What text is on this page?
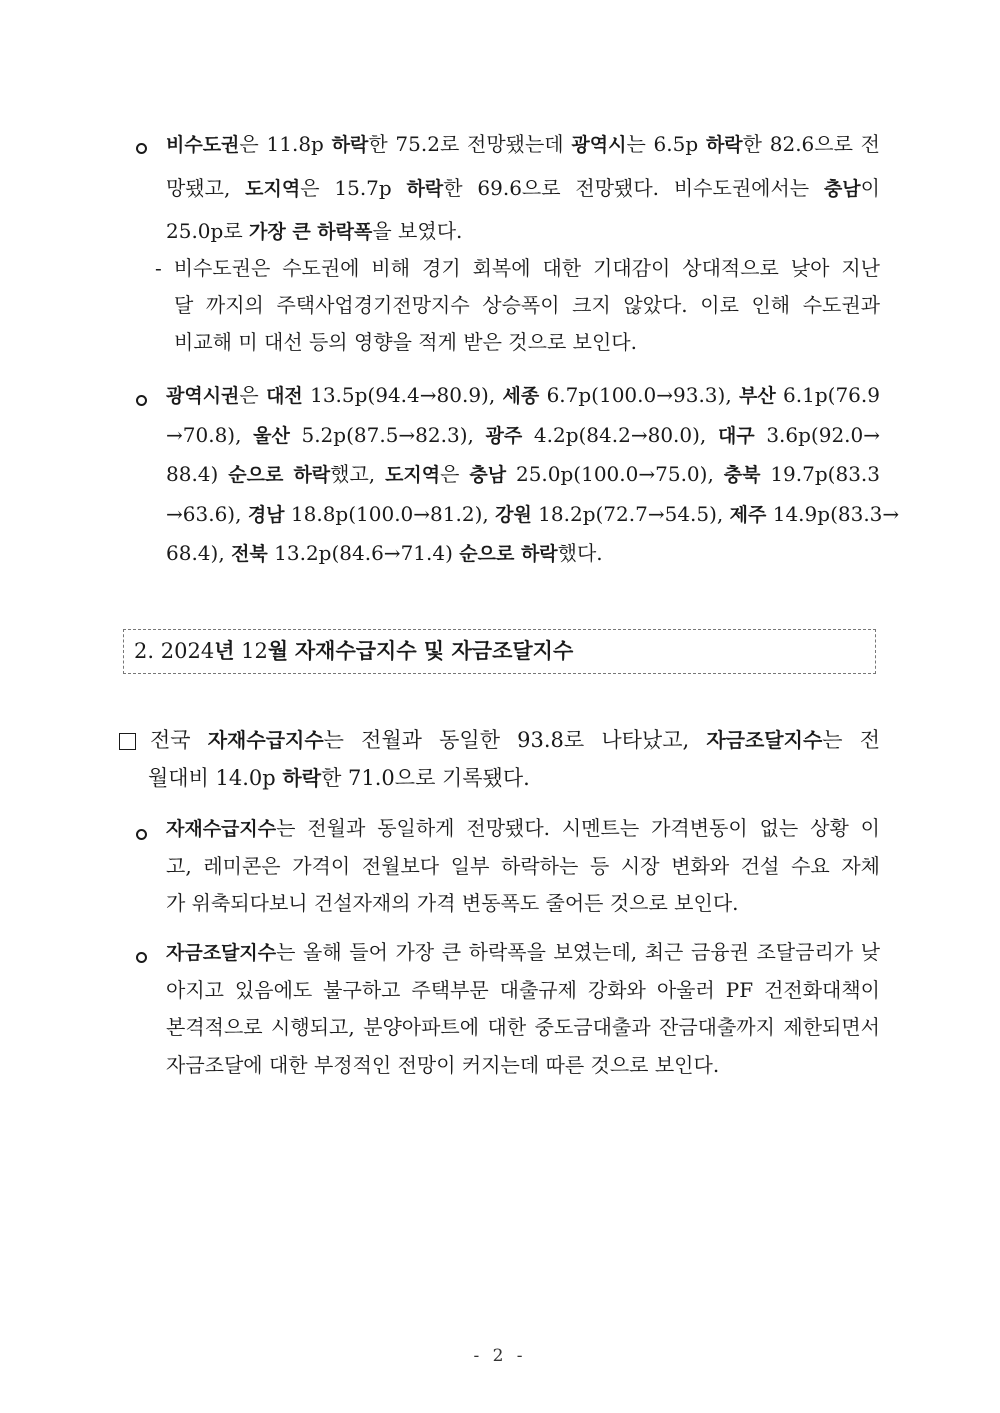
비수도권은 11.8p 하락한 75.2로 전망됐는데 광역시는 6.5p 하락한 82.6으로 전
망됐고, 도지역은 15.7p 하락한 69.6으로 전망됐다. 비수도권에서는 충남이
25.0p로 가장 큰 하락폭을 보였다.
- 비수도권은 수도권에 비해 경기 회복에 대한 기대감이 상대적으로 낮아 지난
달 까지의 주택사업경기전망지수 상승폭이 크지 않았다. 이로 인해 수도권과
비교해 미 대선 등의 영향을 적게 받은 것으로 보인다.
광역시권은 대전 13.5p(94.4→80.9), 세종 6.7p(100.0→93.3), 부산 6.1p(76.9
→70.8), 울산 5.2p(87.5→82.3), 광주 4.2p(84.2→80.0), 대구 3.6p(92.0→
88.4) 순으로 하락했고, 도지역은 충남 25.0p(100.0→75.0), 충북 19.7p(83.3
→63.6), 경남 18.8p(100.0→81.2), 강원 18.2p(72.7→54.5), 제주 14.9p(83.3→
68.4), 전북 13.2p(84.6→71.4) 순으로 하락했다.
2. 2024년 12월 자재수급지수 및 자금조달지수
전국 자재수급지수는 전월과 동일한 93.8로 나타났고, 자금조달지수는 전
월대비 14.0p 하락한 71.0으로 기록됐다.
자재수급지수는 전월과 동일하게 전망됐다. 시멘트는 가격변동이 없는 상황 이
고, 레미콘은 가격이 전월보다 일부 하락하는 등 시장 변화와 건설 수요 자체
가 위축되다보니 건설자재의 가격 변동폭도 줄어든 것으로 보인다.
자금조달지수는 올해 들어 가장 큰 하락폭을 보였는데, 최근 금융권 조달금리가 낮
아지고 있음에도 불구하고 주택부문 대출규제 강화와 아울러 PF 건전화대책이
본격적으로 시행되고, 분양아파트에 대한 중도금대출과 잔금대출까지 제한되면서
자금조달에 대한 부정적인 전망이 커지는데 따른 것으로 보인다.
- 2 -
